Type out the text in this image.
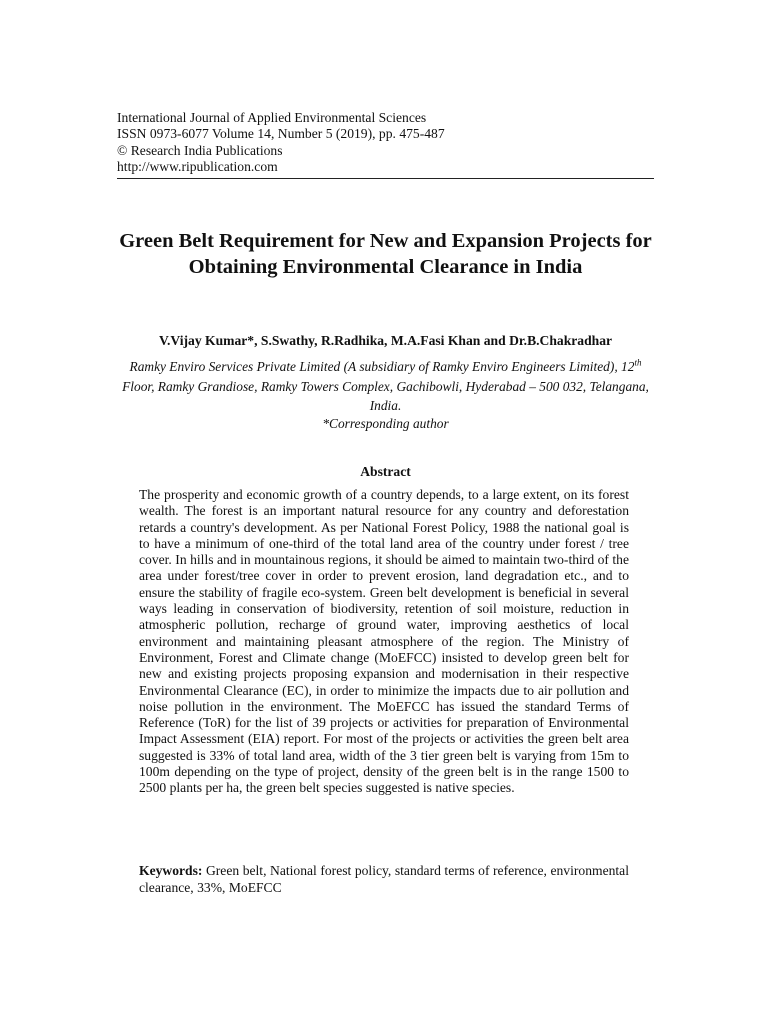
International Journal of Applied Environmental Sciences
ISSN 0973-6077 Volume 14, Number 5 (2019), pp. 475-487
© Research India Publications
http://www.ripublication.com
Green Belt Requirement for New and Expansion Projects for Obtaining Environmental Clearance in India
V.Vijay Kumar*, S.Swathy, R.Radhika, M.A.Fasi Khan and Dr.B.Chakradhar
Ramky Enviro Services Private Limited (A subsidiary of Ramky Enviro Engineers Limited), 12th Floor, Ramky Grandiose, Ramky Towers Complex, Gachibowli, Hyderabad – 500 032, Telangana, India.
*Corresponding author
Abstract

The prosperity and economic growth of a country depends, to a large extent, on its forest wealth. The forest is an important natural resource for any country and deforestation retards a country's development. As per National Forest Policy, 1988 the national goal is to have a minimum of one-third of the total land area of the country under forest / tree cover. In hills and in mountainous regions, it should be aimed to maintain two-third of the area under forest/tree cover in order to prevent erosion, land degradation etc., and to ensure the stability of fragile eco-system. Green belt development is beneficial in several ways leading in conservation of biodiversity, retention of soil moisture, reduction in atmospheric pollution, recharge of ground water, improving aesthetics of local environment and maintaining pleasant atmosphere of the region. The Ministry of Environment, Forest and Climate change (MoEFCC) insisted to develop green belt for new and existing projects proposing expansion and modernisation in their respective Environmental Clearance (EC), in order to minimize the impacts due to air pollution and noise pollution in the environment. The MoEFCC has issued the standard Terms of Reference (ToR) for the list of 39 projects or activities for preparation of Environmental Impact Assessment (EIA) report. For most of the projects or activities the green belt area suggested is 33% of total land area, width of the 3 tier green belt is varying from 15m to 100m depending on the type of project, density of the green belt is in the range 1500 to 2500 plants per ha, the green belt species suggested is native species.

Keywords: Green belt, National forest policy, standard terms of reference, environmental clearance, 33%, MoEFCC
